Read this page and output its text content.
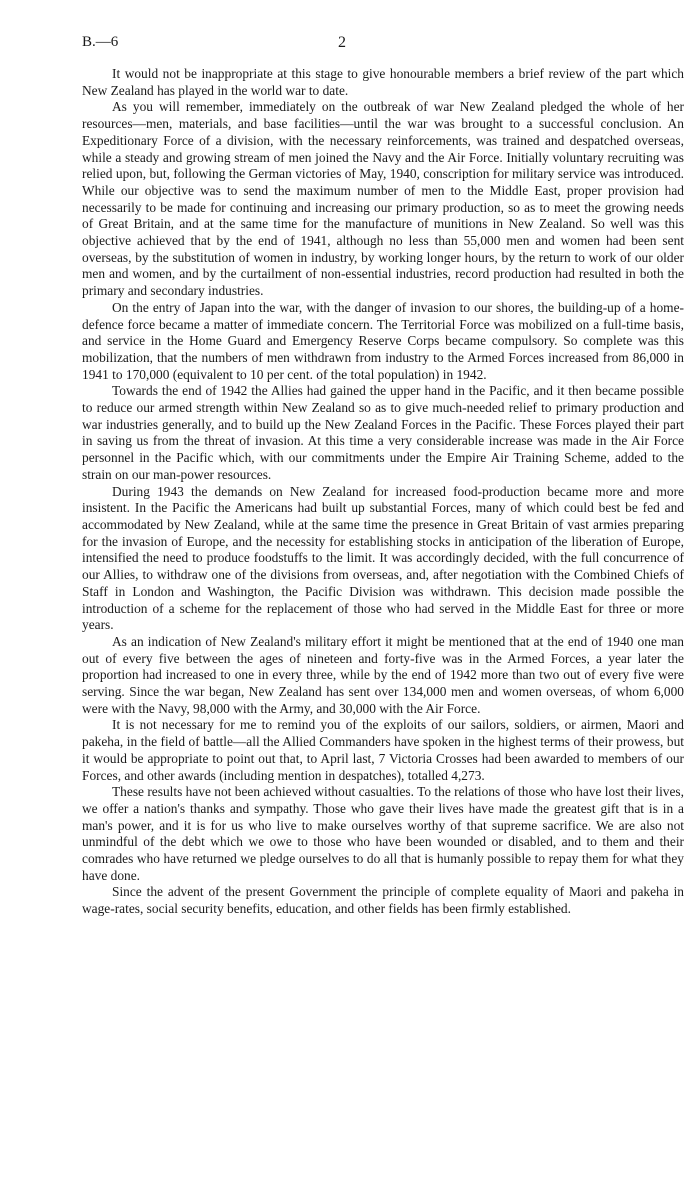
B.—6	2

It would not be inappropriate at this stage to give honourable members a brief review of the part which New Zealand has played in the world war to date.

As you will remember, immediately on the outbreak of war New Zealand pledged the whole of her resources—men, materials, and base facilities—until the war was brought to a successful conclusion. An Expeditionary Force of a division, with the necessary reinforcements, was trained and despatched overseas, while a steady and growing stream of men joined the Navy and the Air Force. Initially voluntary recruiting was relied upon, but, following the German victories of May, 1940, conscription for military service was introduced. While our objective was to send the maximum number of men to the Middle East, proper provision had necessarily to be made for continuing and increasing our primary production, so as to meet the growing needs of Great Britain, and at the same time for the manufacture of munitions in New Zealand. So well was this objective achieved that by the end of 1941, although no less than 55,000 men and women had been sent overseas, by the substitution of women in industry, by working longer hours, by the return to work of our older men and women, and by the curtailment of non-essential industries, record production had resulted in both the primary and secondary industries.

On the entry of Japan into the war, with the danger of invasion to our shores, the building-up of a home-defence force became a matter of immediate concern. The Territorial Force was mobilized on a full-time basis, and service in the Home Guard and Emergency Reserve Corps became compulsory. So complete was this mobilization, that the numbers of men withdrawn from industry to the Armed Forces increased from 86,000 in 1941 to 170,000 (equivalent to 10 per cent. of the total population) in 1942.

Towards the end of 1942 the Allies had gained the upper hand in the Pacific, and it then became possible to reduce our armed strength within New Zealand so as to give much-needed relief to primary production and war industries generally, and to build up the New Zealand Forces in the Pacific. These Forces played their part in saving us from the threat of invasion. At this time a very considerable increase was made in the Air Force personnel in the Pacific which, with our commitments under the Empire Air Training Scheme, added to the strain on our man-power resources.

During 1943 the demands on New Zealand for increased food-production became more and more insistent. In the Pacific the Americans had built up substantial Forces, many of which could best be fed and accommodated by New Zealand, while at the same time the presence in Great Britain of vast armies preparing for the invasion of Europe, and the necessity for establishing stocks in anticipation of the liberation of Europe, intensified the need to produce foodstuffs to the limit. It was accordingly decided, with the full concurrence of our Allies, to withdraw one of the divisions from overseas, and, after negotiation with the Combined Chiefs of Staff in London and Washington, the Pacific Division was withdrawn. This decision made possible the introduction of a scheme for the replacement of those who had served in the Middle East for three or more years.

As an indication of New Zealand's military effort it might be mentioned that at the end of 1940 one man out of every five between the ages of nineteen and forty-five was in the Armed Forces, a year later the proportion had increased to one in every three, while by the end of 1942 more than two out of every five were serving. Since the war began, New Zealand has sent over 134,000 men and women overseas, of whom 6,000 were with the Navy, 98,000 with the Army, and 30,000 with the Air Force.

It is not necessary for me to remind you of the exploits of our sailors, soldiers, or airmen, Maori and pakeha, in the field of battle—all the Allied Commanders have spoken in the highest terms of their prowess, but it would be appropriate to point out that, to April last, 7 Victoria Crosses had been awarded to members of our Forces, and other awards (including mention in despatches), totalled 4,273.

These results have not been achieved without casualties. To the relations of those who have lost their lives, we offer a nation's thanks and sympathy. Those who gave their lives have made the greatest gift that is in a man's power, and it is for us who live to make ourselves worthy of that supreme sacrifice. We are also not unmindful of the debt which we owe to those who have been wounded or disabled, and to them and their comrades who have returned we pledge ourselves to do all that is humanly possible to repay them for what they have done.

Since the advent of the present Government the principle of complete equality of Maori and pakeha in wage-rates, social security benefits, education, and other fields has been firmly established.
